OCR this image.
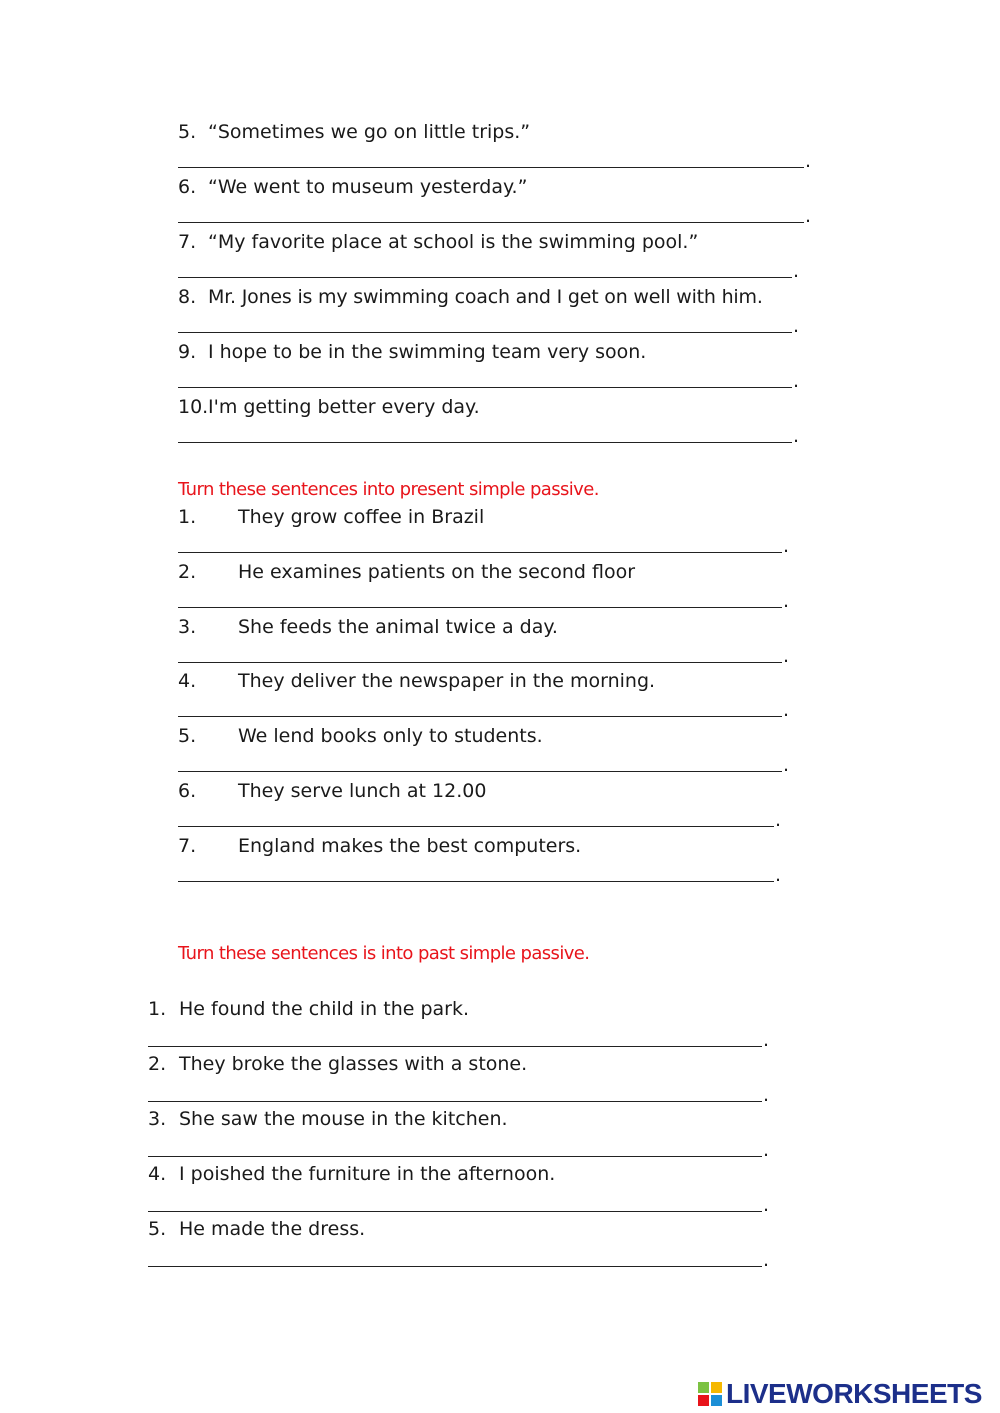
5. “Sometimes we go on little trips.”
.
6. “We went to museum yesterday.”
.
7. “My favorite place at school is the swimming pool.”
.
8. Mr. Jones is my swimming coach and I get on well with him.
.
9. I hope to be in the swimming team very soon.
.
10.I'm getting better every day.
.
Turn these sentences into present simple passive.
1. They grow coffee in Brazil
.
2. He examines patients on the second floor
.
3. She feeds the animal twice a day.
.
4. They deliver the newspaper in the morning.
.
5. We lend books only to students.
.
6. They serve lunch at 12.00
.
7. England makes the best computers.
.
Turn these sentences is into past simple passive.
1. He found the child in the park.
.
2. They broke the glasses with a stone.
.
3. She saw the mouse in the kitchen.
.
4. I poished the furniture in the afternoon.
.
5. He made the dress.
.
LIVEWORKSHEETS
